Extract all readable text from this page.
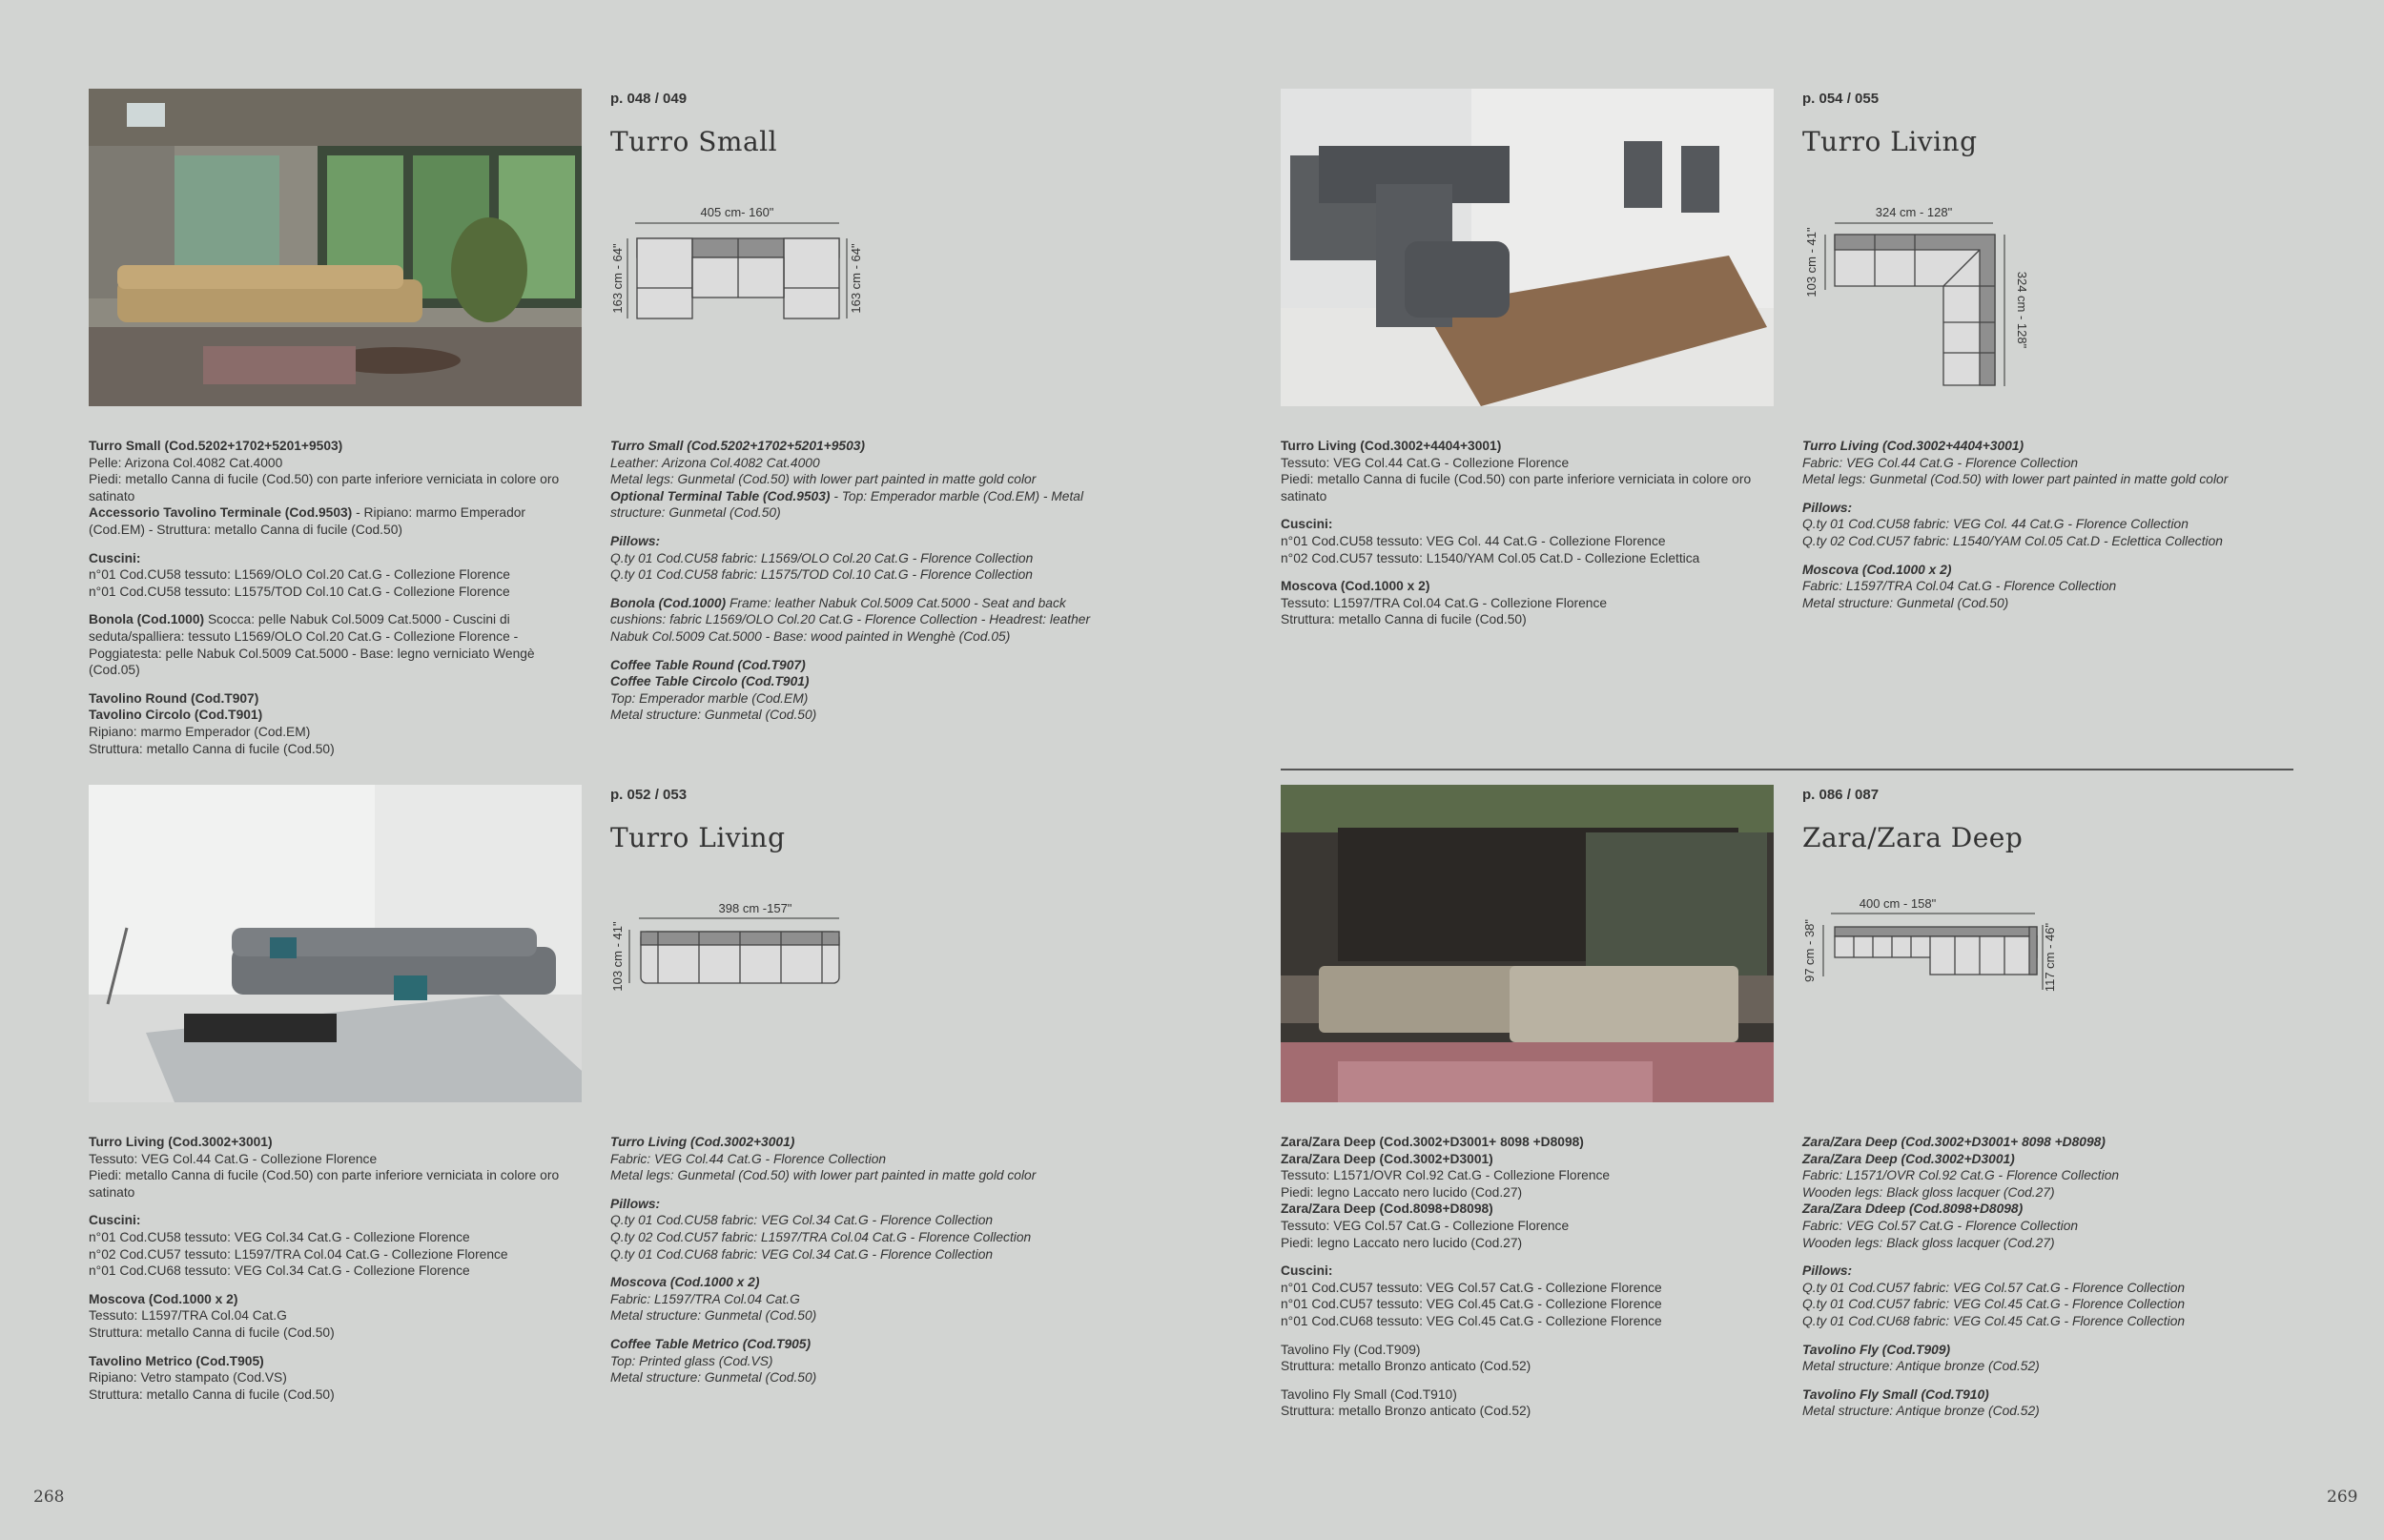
p. 048 / 049
Turro Small
405 cm- 160"
163 cm - 64"	163 cm - 64"

Turro Small (Cod.5202+1702+5201+9503)

Pelle: Arizona Col.4082 Cat.4000

Piedi: metallo Canna di fucile (Cod.50) con parte inferiore verniciata in colore oro satinato

Accessorio Tavolino Terminale (Cod.9503) - Ripiano: marmo Emperador (Cod.EM) - Struttura: metallo Canna di fucile (Cod.50)

Cuscini:

n°01 Cod.CU58 tessuto: L1569/OLO Col.20 Cat.G - Collezione Florence

n°01 Cod.CU58 tessuto: L1575/TOD Col.10 Cat.G - Collezione Florence

Bonola (Cod.1000) Scocca: pelle Nabuk Col.5009 Cat.5000 - Cuscini di seduta/spalliera: tessuto L1569/OLO Col.20 Cat.G - Collezione Florence - Poggiatesta: pelle Nabuk Col.5009 Cat.5000 - Base: legno verniciato Wengè (Cod.05)

Tavolino Round (Cod.T907)

Tavolino Circolo (Cod.T901)

Ripiano: marmo Emperador (Cod.EM)

Struttura: metallo Canna di fucile (Cod.50)

Turro Small (Cod.5202+1702+5201+9503)

Leather: Arizona Col.4082 Cat.4000

Metal legs: Gunmetal (Cod.50) with lower part painted in matte gold color

Optional Terminal Table (Cod.9503) - Top: Emperador marble (Cod.EM) - Metal structure: Gunmetal (Cod.50)

Pillows:

Q.ty 01 Cod.CU58 fabric: L1569/OLO Col.20 Cat.G - Florence Collection

Q.ty 01 Cod.CU58 fabric: L1575/TOD Col.10 Cat.G - Florence Collection

Bonola (Cod.1000) Frame: leather Nabuk Col.5009 Cat.5000 - Seat and back cushions: fabric L1569/OLO Col.20 Cat.G - Florence Collection - Headrest: leather Nabuk Col.5009 Cat.5000 - Base: wood painted in Wenghè (Cod.05)

Coffee Table Round (Cod.T907)

Coffee Table Circolo (Cod.T901)

Top: Emperador marble (Cod.EM)

Metal structure: Gunmetal (Cod.50)

p. 054 / 055
Turro Living
324 cm - 128"
103 cm - 41"
324 cm - 128"

Turro Living (Cod.3002+4404+3001)

Tessuto: VEG Col.44 Cat.G - Collezione Florence

Piedi: metallo Canna di fucile (Cod.50) con parte inferiore verniciata in colore oro satinato

Cuscini:

n°01 Cod.CU58 tessuto: VEG Col. 44 Cat.G - Collezione Florence

n°02 Cod.CU57 tessuto: L1540/YAM Col.05 Cat.D - Collezione Eclettica

Moscova (Cod.1000 x 2)

Tessuto: L1597/TRA Col.04 Cat.G - Collezione Florence

Struttura: metallo Canna di fucile (Cod.50)

Turro Living (Cod.3002+4404+3001)

Fabric: VEG Col.44 Cat.G - Florence Collection

Metal legs: Gunmetal (Cod.50) with lower part painted in matte gold color

Pillows:

Q.ty 01 Cod.CU58 fabric: VEG Col. 44 Cat.G - Florence Collection

Q.ty 02 Cod.CU57 fabric: L1540/YAM Col.05 Cat.D - Eclettica Collection

Moscova (Cod.1000 x 2)

Fabric: L1597/TRA Col.04 Cat.G - Florence Collection

Metal structure: Gunmetal (Cod.50)

p. 052 / 053
Turro Living
398 cm -157"
103 cm - 41"

Turro Living (Cod.3002+3001)

Tessuto: VEG Col.44 Cat.G - Collezione Florence

Piedi: metallo Canna di fucile (Cod.50) con parte inferiore verniciata in colore oro satinato

Cuscini:

n°01 Cod.CU58 tessuto: VEG Col.34 Cat.G - Collezione Florence

n°02 Cod.CU57 tessuto: L1597/TRA Col.04 Cat.G - Collezione Florence

n°01 Cod.CU68 tessuto: VEG Col.34 Cat.G - Collezione Florence

Moscova (Cod.1000 x 2)

Tessuto: L1597/TRA Col.04 Cat.G

Struttura: metallo Canna di fucile (Cod.50)

Tavolino Metrico (Cod.T905)

Ripiano: Vetro stampato (Cod.VS)

Struttura: metallo Canna di fucile (Cod.50)

Turro Living (Cod.3002+3001)

Fabric: VEG Col.44 Cat.G - Florence Collection

Metal legs: Gunmetal (Cod.50) with lower part painted in matte gold color

Pillows:

Q.ty 01 Cod.CU58 fabric: VEG Col.34 Cat.G - Florence Collection

Q.ty 02 Cod.CU57 fabric: L1597/TRA Col.04 Cat.G - Florence Collection

Q.ty 01 Cod.CU68 fabric: VEG Col.34 Cat.G - Florence Collection

Moscova (Cod.1000 x 2)

Fabric: L1597/TRA Col.04 Cat.G

Metal structure: Gunmetal (Cod.50)

Coffee Table Metrico (Cod.T905)

Top: Printed glass (Cod.VS)

Metal structure: Gunmetal (Cod.50)

p. 086 / 087
Zara/Zara Deep
400 cm - 158"
97 cm - 38"	117 cm - 46"

Zara/Zara Deep (Cod.3002+D3001+ 8098 +D8098)

Zara/Zara Deep (Cod.3002+D3001)

Tessuto: L1571/OVR Col.92 Cat.G - Collezione Florence

Piedi: legno Laccato nero lucido (Cod.27)

Zara/Zara Deep (Cod.8098+D8098)

Tessuto: VEG Col.57 Cat.G - Collezione Florence

Piedi: legno Laccato nero lucido (Cod.27)

Cuscini:

n°01 Cod.CU57 tessuto: VEG Col.57 Cat.G - Collezione Florence

n°01 Cod.CU57 tessuto: VEG Col.45 Cat.G - Collezione Florence

n°01 Cod.CU68 tessuto: VEG Col.45 Cat.G - Collezione Florence

Tavolino Fly (Cod.T909)

Struttura: metallo Bronzo anticato (Cod.52)

Tavolino Fly Small (Cod.T910)

Struttura: metallo Bronzo anticato (Cod.52)

Zara/Zara Deep (Cod.3002+D3001+ 8098 +D8098)

Zara/Zara Deep (Cod.3002+D3001)

Fabric: L1571/OVR Col.92 Cat.G - Florence Collection

Wooden legs: Black gloss lacquer (Cod.27)

Zara/Zara Ddeep (Cod.8098+D8098)

Fabric: VEG Col.57 Cat.G - Florence Collection

Wooden legs: Black gloss lacquer (Cod.27)

Pillows:

Q.ty 01 Cod.CU57 fabric: VEG Col.57 Cat.G - Florence Collection

Q.ty 01 Cod.CU57 fabric: VEG Col.45 Cat.G - Florence Collection

Q.ty 01 Cod.CU68 fabric: VEG Col.45 Cat.G - Florence Collection

Tavolino Fly (Cod.T909)

Metal structure: Antique bronze (Cod.52)

Tavolino Fly Small (Cod.T910)

Metal structure: Antique bronze (Cod.52)

268	269
